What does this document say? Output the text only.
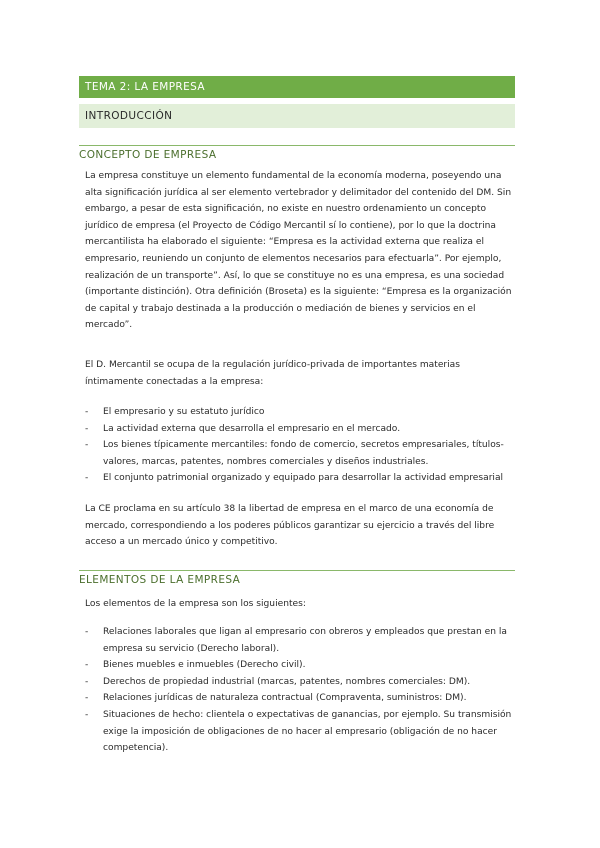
TEMA 2: LA EMPRESA
INTRODUCCIÓN
CONCEPTO DE EMPRESA

La empresa constituye un elemento fundamental de la economía moderna, poseyendo una alta significación jurídica al ser elemento vertebrador y delimitador del contenido del DM. Sin embargo, a pesar de esta significación, no existe en nuestro ordenamiento un concepto jurídico de empresa (el Proyecto de Código Mercantil sí lo contiene), por lo que la doctrina mercantilista ha elaborado el siguiente: “Empresa es la actividad externa que realiza el empresario, reuniendo un conjunto de elementos necesarios para efectuarla”. Por ejemplo, realización de un transporte”. Así, lo que se constituye no es una empresa, es una sociedad (importante distinción). Otra definición (Broseta) es la siguiente: “Empresa es la organización de capital y trabajo destinada a la producción o mediación de bienes y servicios en el mercado”.

El D. Mercantil se ocupa de la regulación jurídico-privada de importantes materias íntimamente conectadas a la empresa:

- El empresario y su estatuto jurídico
- La actividad externa que desarrolla el empresario en el mercado.
- Los bienes típicamente mercantiles: fondo de comercio, secretos empresariales, títulos-valores, marcas, patentes, nombres comerciales y diseños industriales.
- El conjunto patrimonial organizado y equipado para desarrollar la actividad empresarial

La CE proclama en su artículo 38 la libertad de empresa en el marco de una economía de mercado, correspondiendo a los poderes públicos garantizar su ejercicio a través del libre acceso a un mercado único y competitivo.

ELEMENTOS DE LA EMPRESA

Los elementos de la empresa son los siguientes:

- Relaciones laborales que ligan al empresario con obreros y empleados que prestan en la empresa su servicio (Derecho laboral).
- Bienes muebles e inmuebles (Derecho civil).
- Derechos de propiedad industrial (marcas, patentes, nombres comerciales: DM).
- Relaciones jurídicas de naturaleza contractual (Compraventa, suministros: DM).
- Situaciones de hecho: clientela o expectativas de ganancias, por ejemplo. Su transmisión exige la imposición de obligaciones de no hacer al empresario (obligación de no hacer competencia).
